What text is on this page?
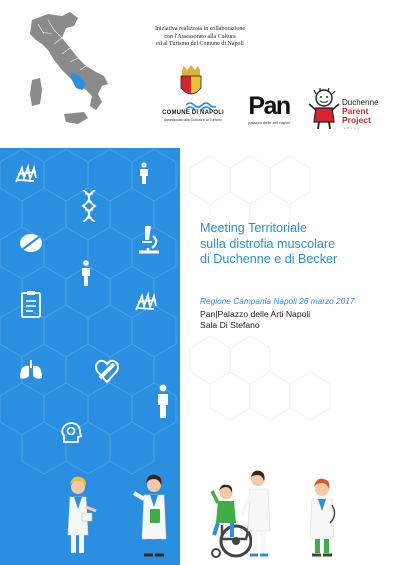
Iniziativa realizzata in collaborazione
con l'Assessorato alla Cultura
ed al Turismo del Comune di Napoli
COMUNE DI NAPOLI
Assessorato alla Cultura e al Turismo Pan
palazzo delle arti napoli
Duchenne
Parent
Project
onlus
Meeting Territoriale
sulla distrofia muscolare
di Duchenne e di Becker
Regione Campania Napoli 26 marzo 2017
Pan|Palazzo delle Arti Napoli
Sala Di Stefano
